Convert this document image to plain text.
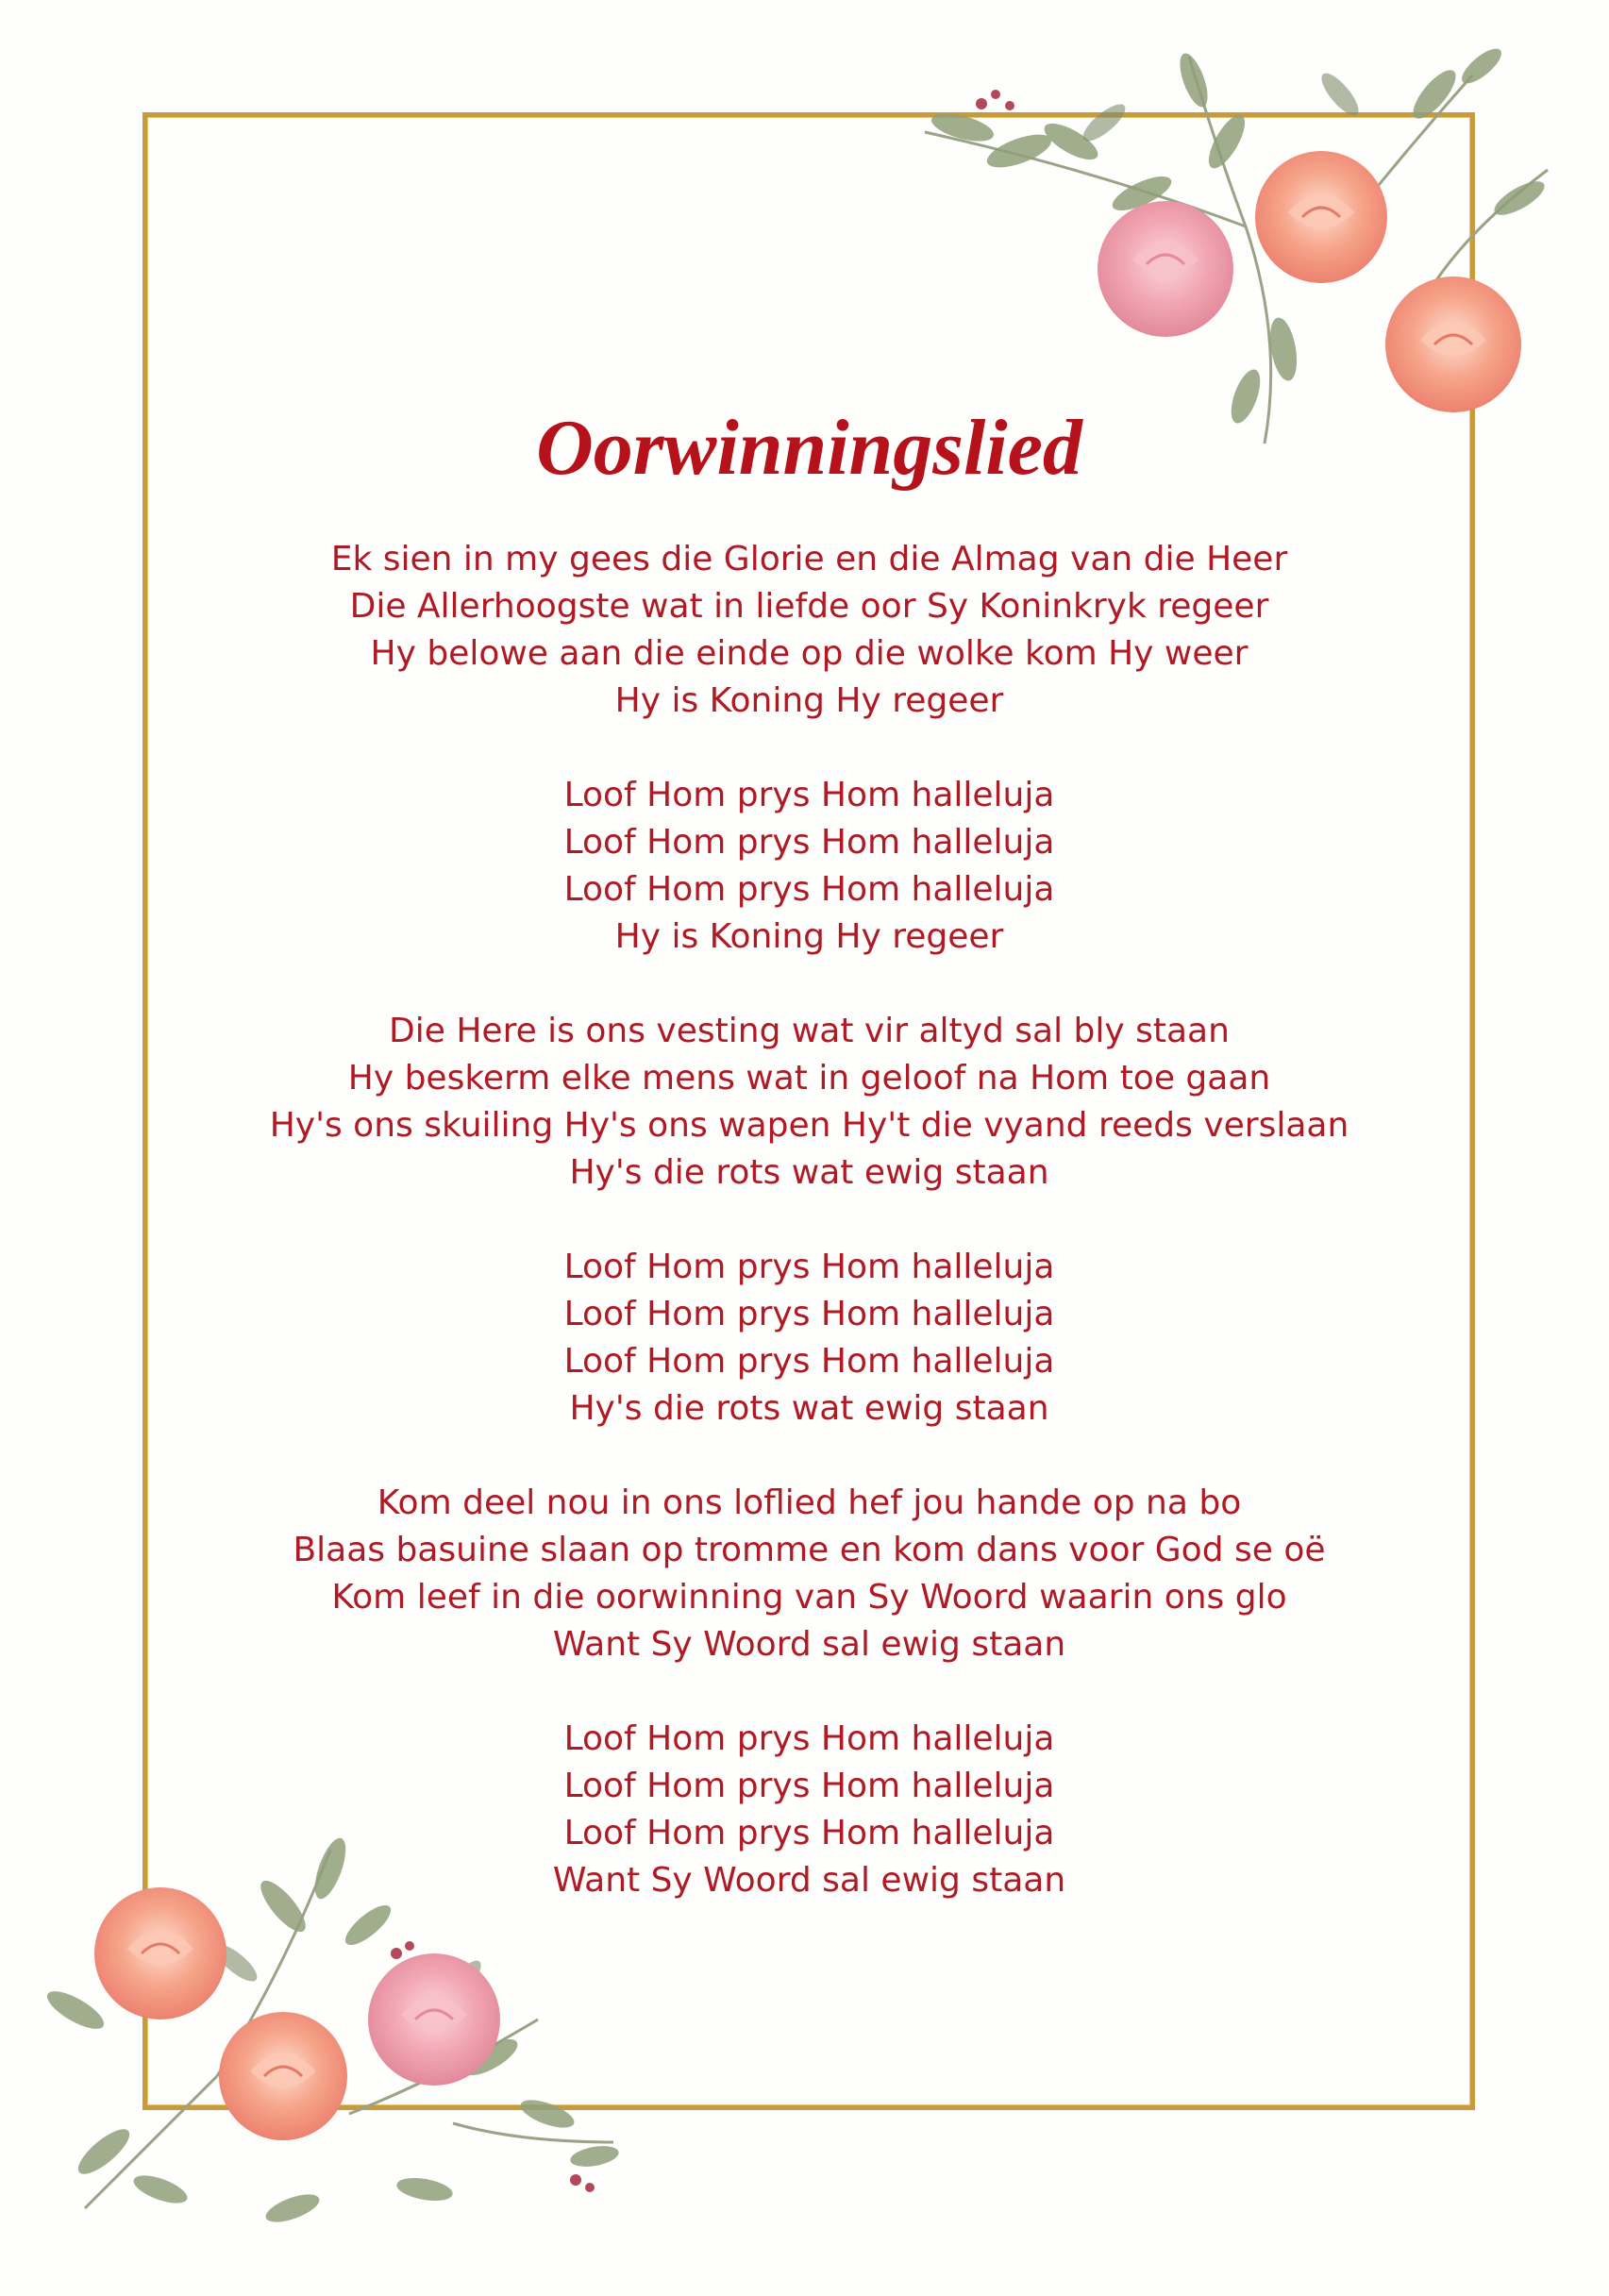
Oorwinningslied
Ek sien in my gees die Glorie en die Almag van die Heer
Die Allerhoogste wat in liefde oor Sy Koninkryk regeer
Hy belowe aan die einde op die wolke kom Hy weer
Hy is Koning Hy regeer
Loof Hom prys Hom halleluja
Loof Hom prys Hom halleluja
Loof Hom prys Hom halleluja
Hy is Koning Hy regeer
Die Here is ons vesting wat vir altyd sal bly staan
Hy beskerm elke mens wat in geloof na Hom toe gaan
Hy's ons skuiling Hy's ons wapen Hy't die vyand reeds verslaan
Hy's die rots wat ewig staan
Loof Hom prys Hom halleluja
Loof Hom prys Hom halleluja
Loof Hom prys Hom halleluja
Hy's die rots wat ewig staan
Kom deel nou in ons loflied hef jou hande op na bo
Blaas basuine slaan op tromme en kom dans voor God se oë
Kom leef in die oorwinning van Sy Woord waarin ons glo
Want Sy Woord sal ewig staan
Loof Hom prys Hom halleluja
Loof Hom prys Hom halleluja
Loof Hom prys Hom halleluja
Want Sy Woord sal ewig staan
